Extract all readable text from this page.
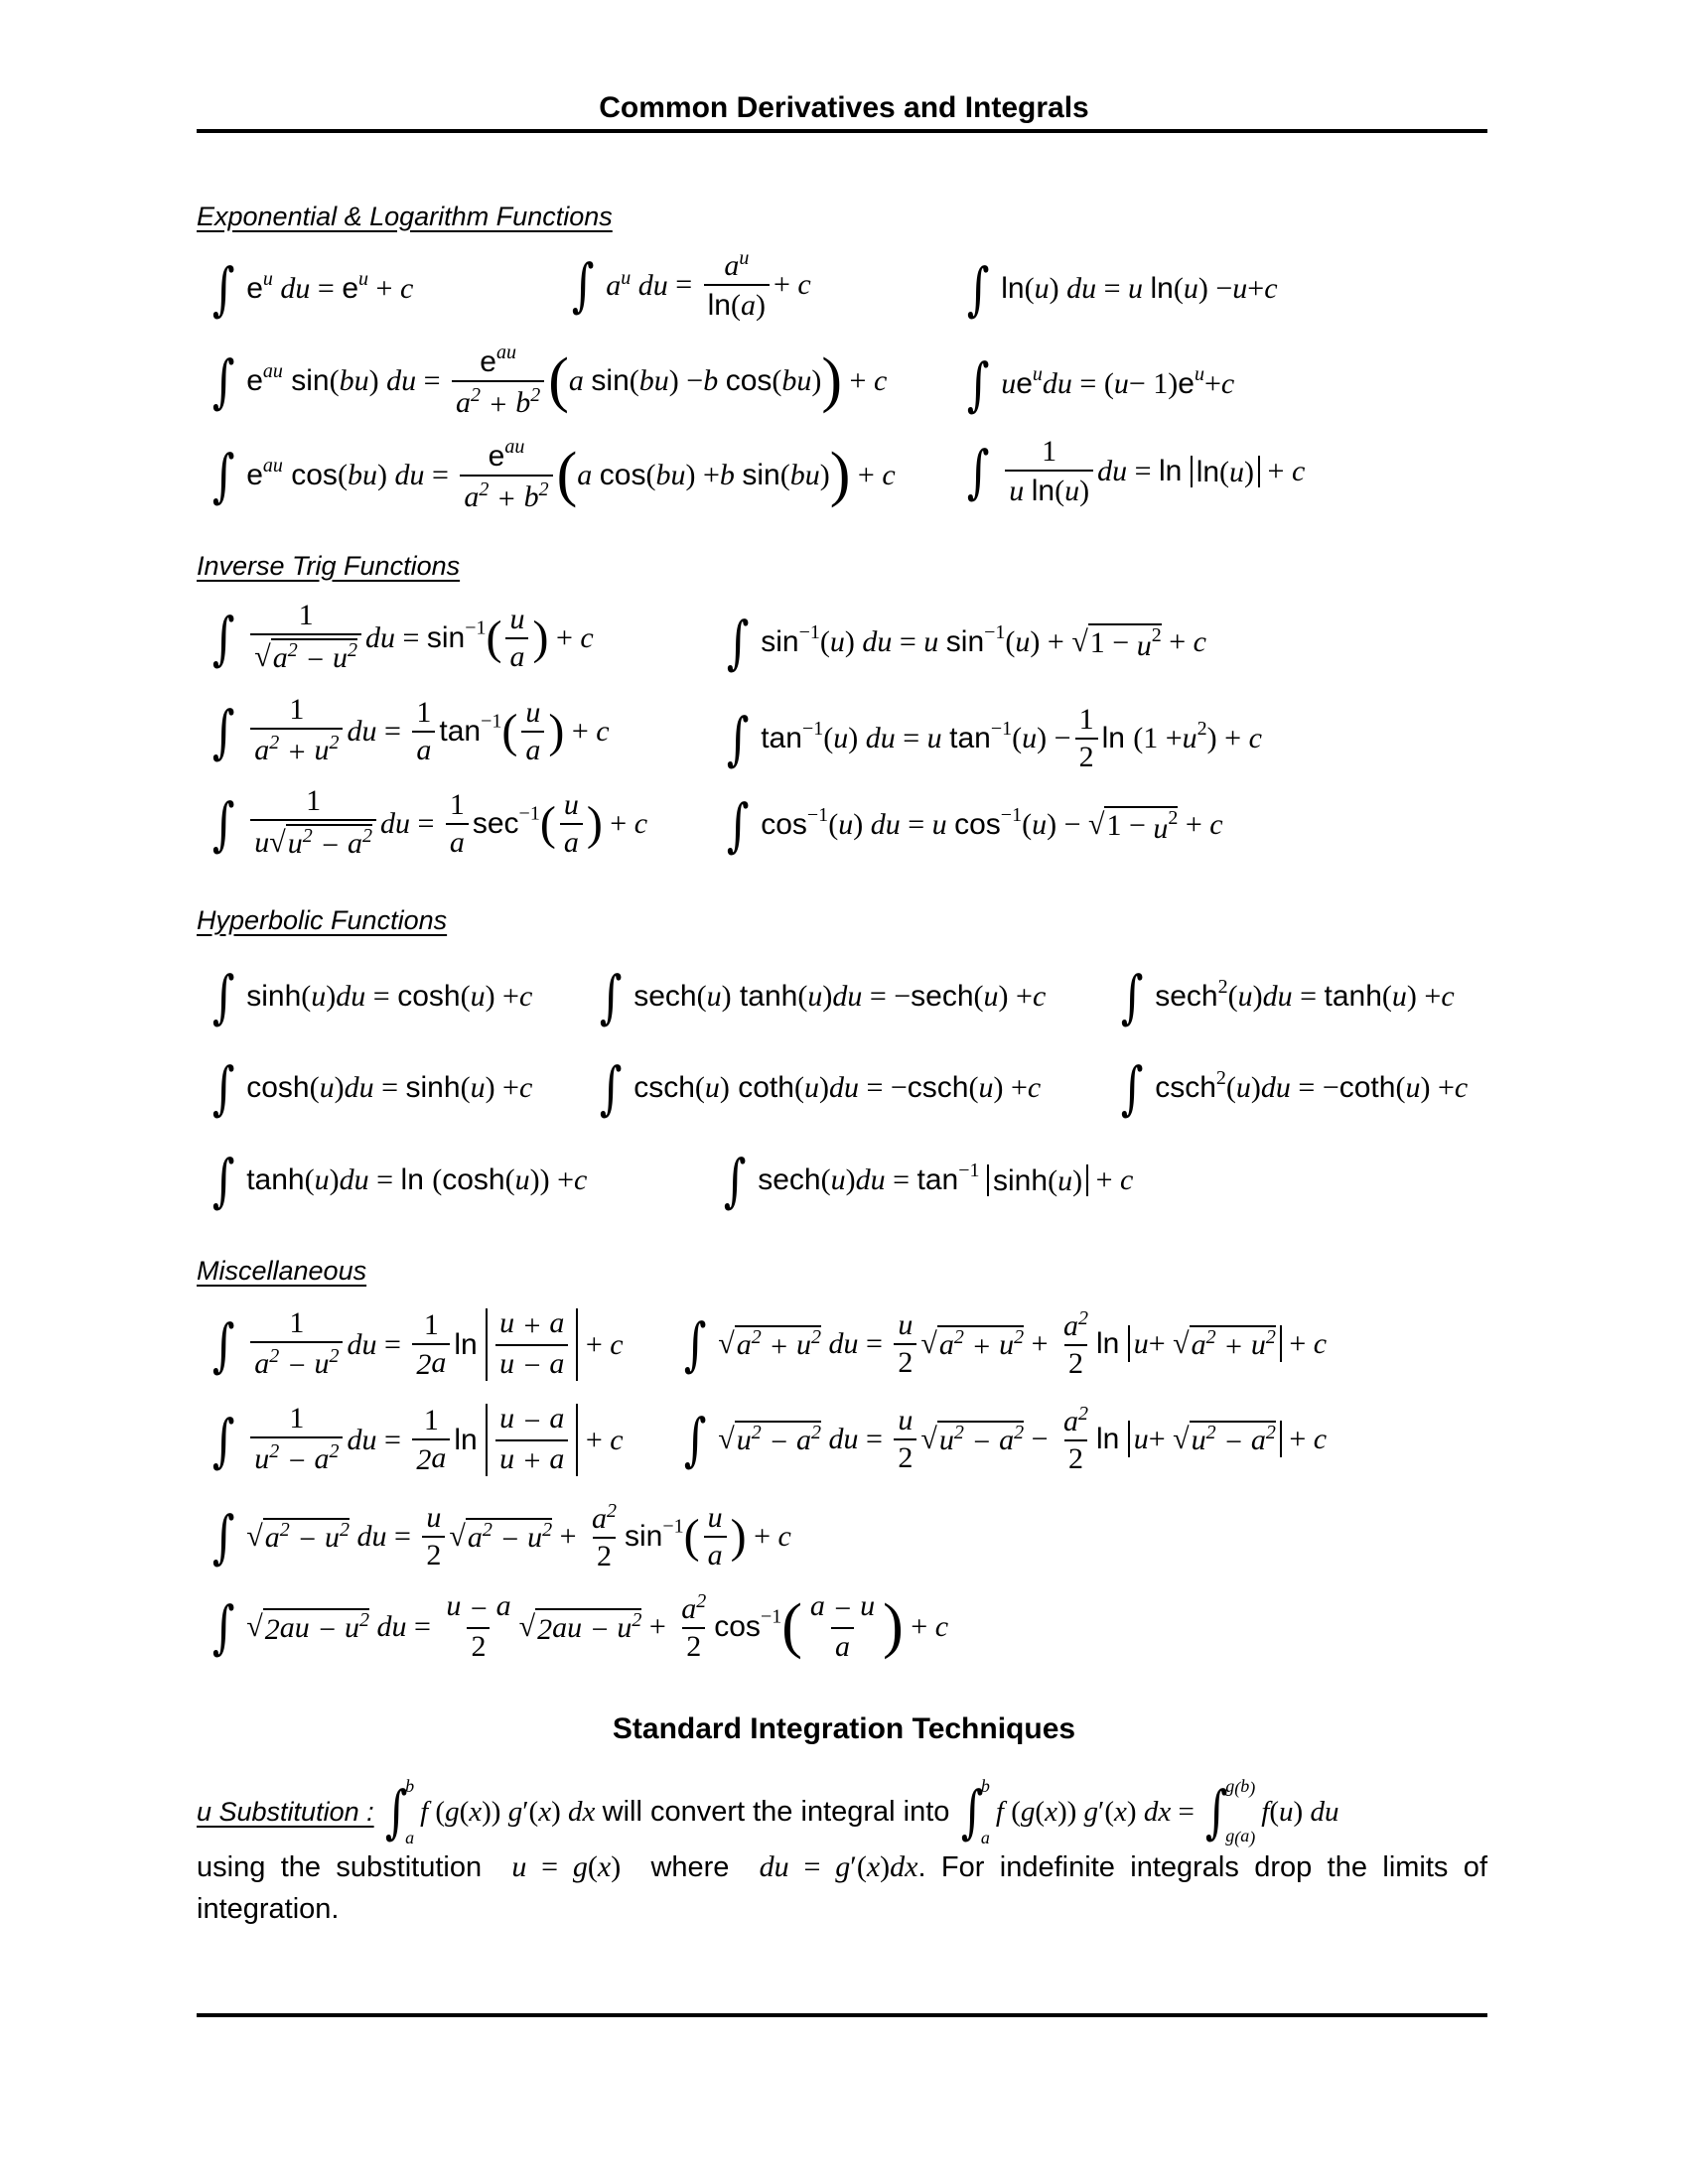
Common Derivatives and Integrals
Exponential & Logarithm Functions
∫ $e^u$ du = $e^u + c$	∫ $a^u$ du = $\frac{a^u}{\ln(a)} + c$	∫ ln(u) du = u ln(u) −u+c
∫ $e^{au}$ sin(bu) du = $\frac{e^{au}}{a^2 + b^2} (a$ sin(bu) −b cos(bu)) + c ∫ $ue^udu = (u- 1)e^u+c$
∫ $e^{au}$ cos(bu) du = $\frac{e^{au}}{a^2 + b^2} (a$ cos(bu) +b sin(bu)) + c ∫ $\frac{1}{\text{u ln(u)}}$ du = ln ln(u) + c
Inverse Trig Functions
∫ $\frac{1}{√a^2 - u^2}$ du = $\sin^{-1}( \frac{u}{a}$ ) + c ∫ $\sin^{-1}(u)$ du = u $\sin^{-1}(u) + √1 - u^2 + c$
∫ $\frac{1}{a^2 + u^2}$ du = $\frac{1}{a} \tan^{-1}( \frac{u}{a}$ ) + c ∫ $\tan^{-1}(u)$ du = u $\tan^{-1}(u) - \frac{1}{2}$ $\ln (1 +u^2) + c$
∫ $\frac{1}{u√u^2 - a^2}$ du = $\frac{1}{a} \sec^{-1}( \frac{u}{a}$ ) + c ∫ $\cos^{-1}(u)$ du = u $\cos^{-1}(u) - √1 - u^2 + c$
Hyperbolic Functions
∫ sinh(u)du = cosh(u) +c ∫ sech(u) tanh(u)du = −sech(u) +c ∫ sech$^2$(u)du = tanh(u) +c
∫ cosh(u)du = sinh(u) +c ∫ csch(u) coth(u)du = −csch(u) +c ∫ csch$^2$(u)du = −coth(u) +c
∫ tanh(u)du = ln (cosh(u)) +c ∫ $\sec h(u)du = \tan^{-1} \sinh(u) + c$
Miscellaneous
∫ $\frac{1}{a^2 - u^2}$ du = $\frac{1}{2a}$ $\ln \frac{u + a}{u - a} + c$ ∫ $√a^2 + u^2$ du = $\frac{u}{2} √a^2 + u^2 + \frac{a^2}{2}$ $\ln u+ √a^2 + u^2 + c$
∫ $\frac{1}{u^2 - a^2}$ du = $\frac{1}{2a}$ $\ln \frac{u - a}{u + a} + c$ ∫ $√u^2 - a^2$ du = $\frac{u}{2} √u^2 - a^2 - \frac{a^2}{2}$ $\ln u+ √u^2 - a^2 + c$
∫ $√a^2 - u^2$ du = $\frac{u}{2} √a^2 - u^2 + \frac{a^2}{2} \sin^{-1}( \frac{u}{a}$ ) + c
∫ $√2au - u^2$ du = $\frac{u - a}{2} √2au - u^2 + \frac{a^2}{2} \cos^{-1}( \frac{a - u}{a}$ ) + c
Standard Integration Techniques
u Substitution : ∫
b
a
f (g(x)) g′(x) dx will convert the integral into ∫
b
a
f (g(x)) g′(x) dx = ∫
g(b)
g(a)
f(u) du
using the substitution  u = g(x) where  du = g′(x)dx. For indefinite integrals drop the limits of integration.
